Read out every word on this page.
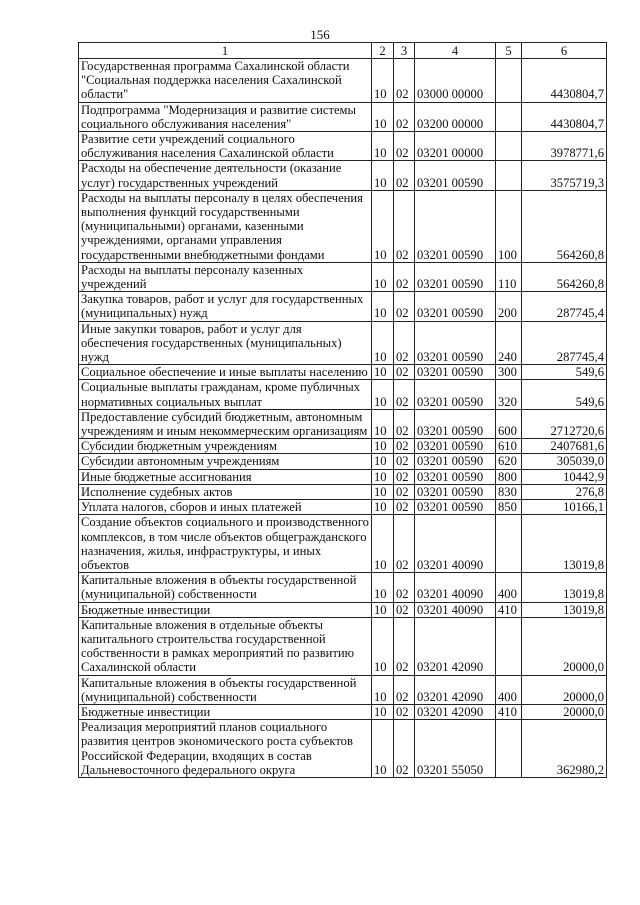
156
1	2	3	4	5	6
Государственная программа Сахалинской области "Социальная поддержка населения Сахалинской области"	10	02	03000 00000		4430804,7
Подпрограмма "Модернизация и развитие системы социального обслуживания населения"	10	02	03200 00000		4430804,7
Развитие сети учреждений социального обслуживания населения Сахалинской области	10	02	03201 00000		3978771,6
Расходы на обеспечение деятельности (оказание услуг) государственных учреждений	10	02	03201 00590		3575719,3
Расходы на выплаты персоналу в целях обеспечения выполнения функций государственными (муниципальными) органами, казенными учреждениями, органами управления государственными внебюджетными фондами	10	02	03201 00590	100	564260,8
Расходы на выплаты персоналу казенных учреждений	10	02	03201 00590	110	564260,8
Закупка товаров, работ и услуг для государственных (муниципальных) нужд	10	02	03201 00590	200	287745,4
Иные закупки товаров, работ и услуг для обеспечения государственных (муниципальных) нужд	10	02	03201 00590	240	287745,4
Социальное обеспечение и иные выплаты населению	10	02	03201 00590	300	549,6
Социальные выплаты гражданам, кроме публичных нормативных социальных выплат	10	02	03201 00590	320	549,6
Предоставление субсидий бюджетным, автономным учреждениям и иным некоммерческим организациям	10	02	03201 00590	600	2712720,6
Субсидии бюджетным учреждениям	10	02	03201 00590	610	2407681,6
Субсидии автономным учреждениям	10	02	03201 00590	620	305039,0
Иные бюджетные ассигнования	10	02	03201 00590	800	10442,9
Исполнение судебных актов	10	02	03201 00590	830	276,8
Уплата налогов, сборов и иных платежей	10	02	03201 00590	850	10166,1
Создание объектов социального и производственного комплексов, в том числе объектов общегражданского назначения, жилья, инфраструктуры, и иных объектов	10	02	03201 40090		13019,8
Капитальные вложения в объекты государственной (муниципальной) собственности	10	02	03201 40090	400	13019,8
Бюджетные инвестиции	10	02	03201 40090	410	13019,8
Капитальные вложения в отдельные объекты капитального строительства государственной собственности в рамках мероприятий по развитию Сахалинской области	10	02	03201 42090		20000,0
Капитальные вложения в объекты государственной (муниципальной) собственности	10	02	03201 42090	400	20000,0
Бюджетные инвестиции	10	02	03201 42090	410	20000,0
Реализация мероприятий планов социального развития центров экономического роста субъектов Российской Федерации, входящих в состав Дальневосточного федерального округа	10	02	03201 55050		362980,2
